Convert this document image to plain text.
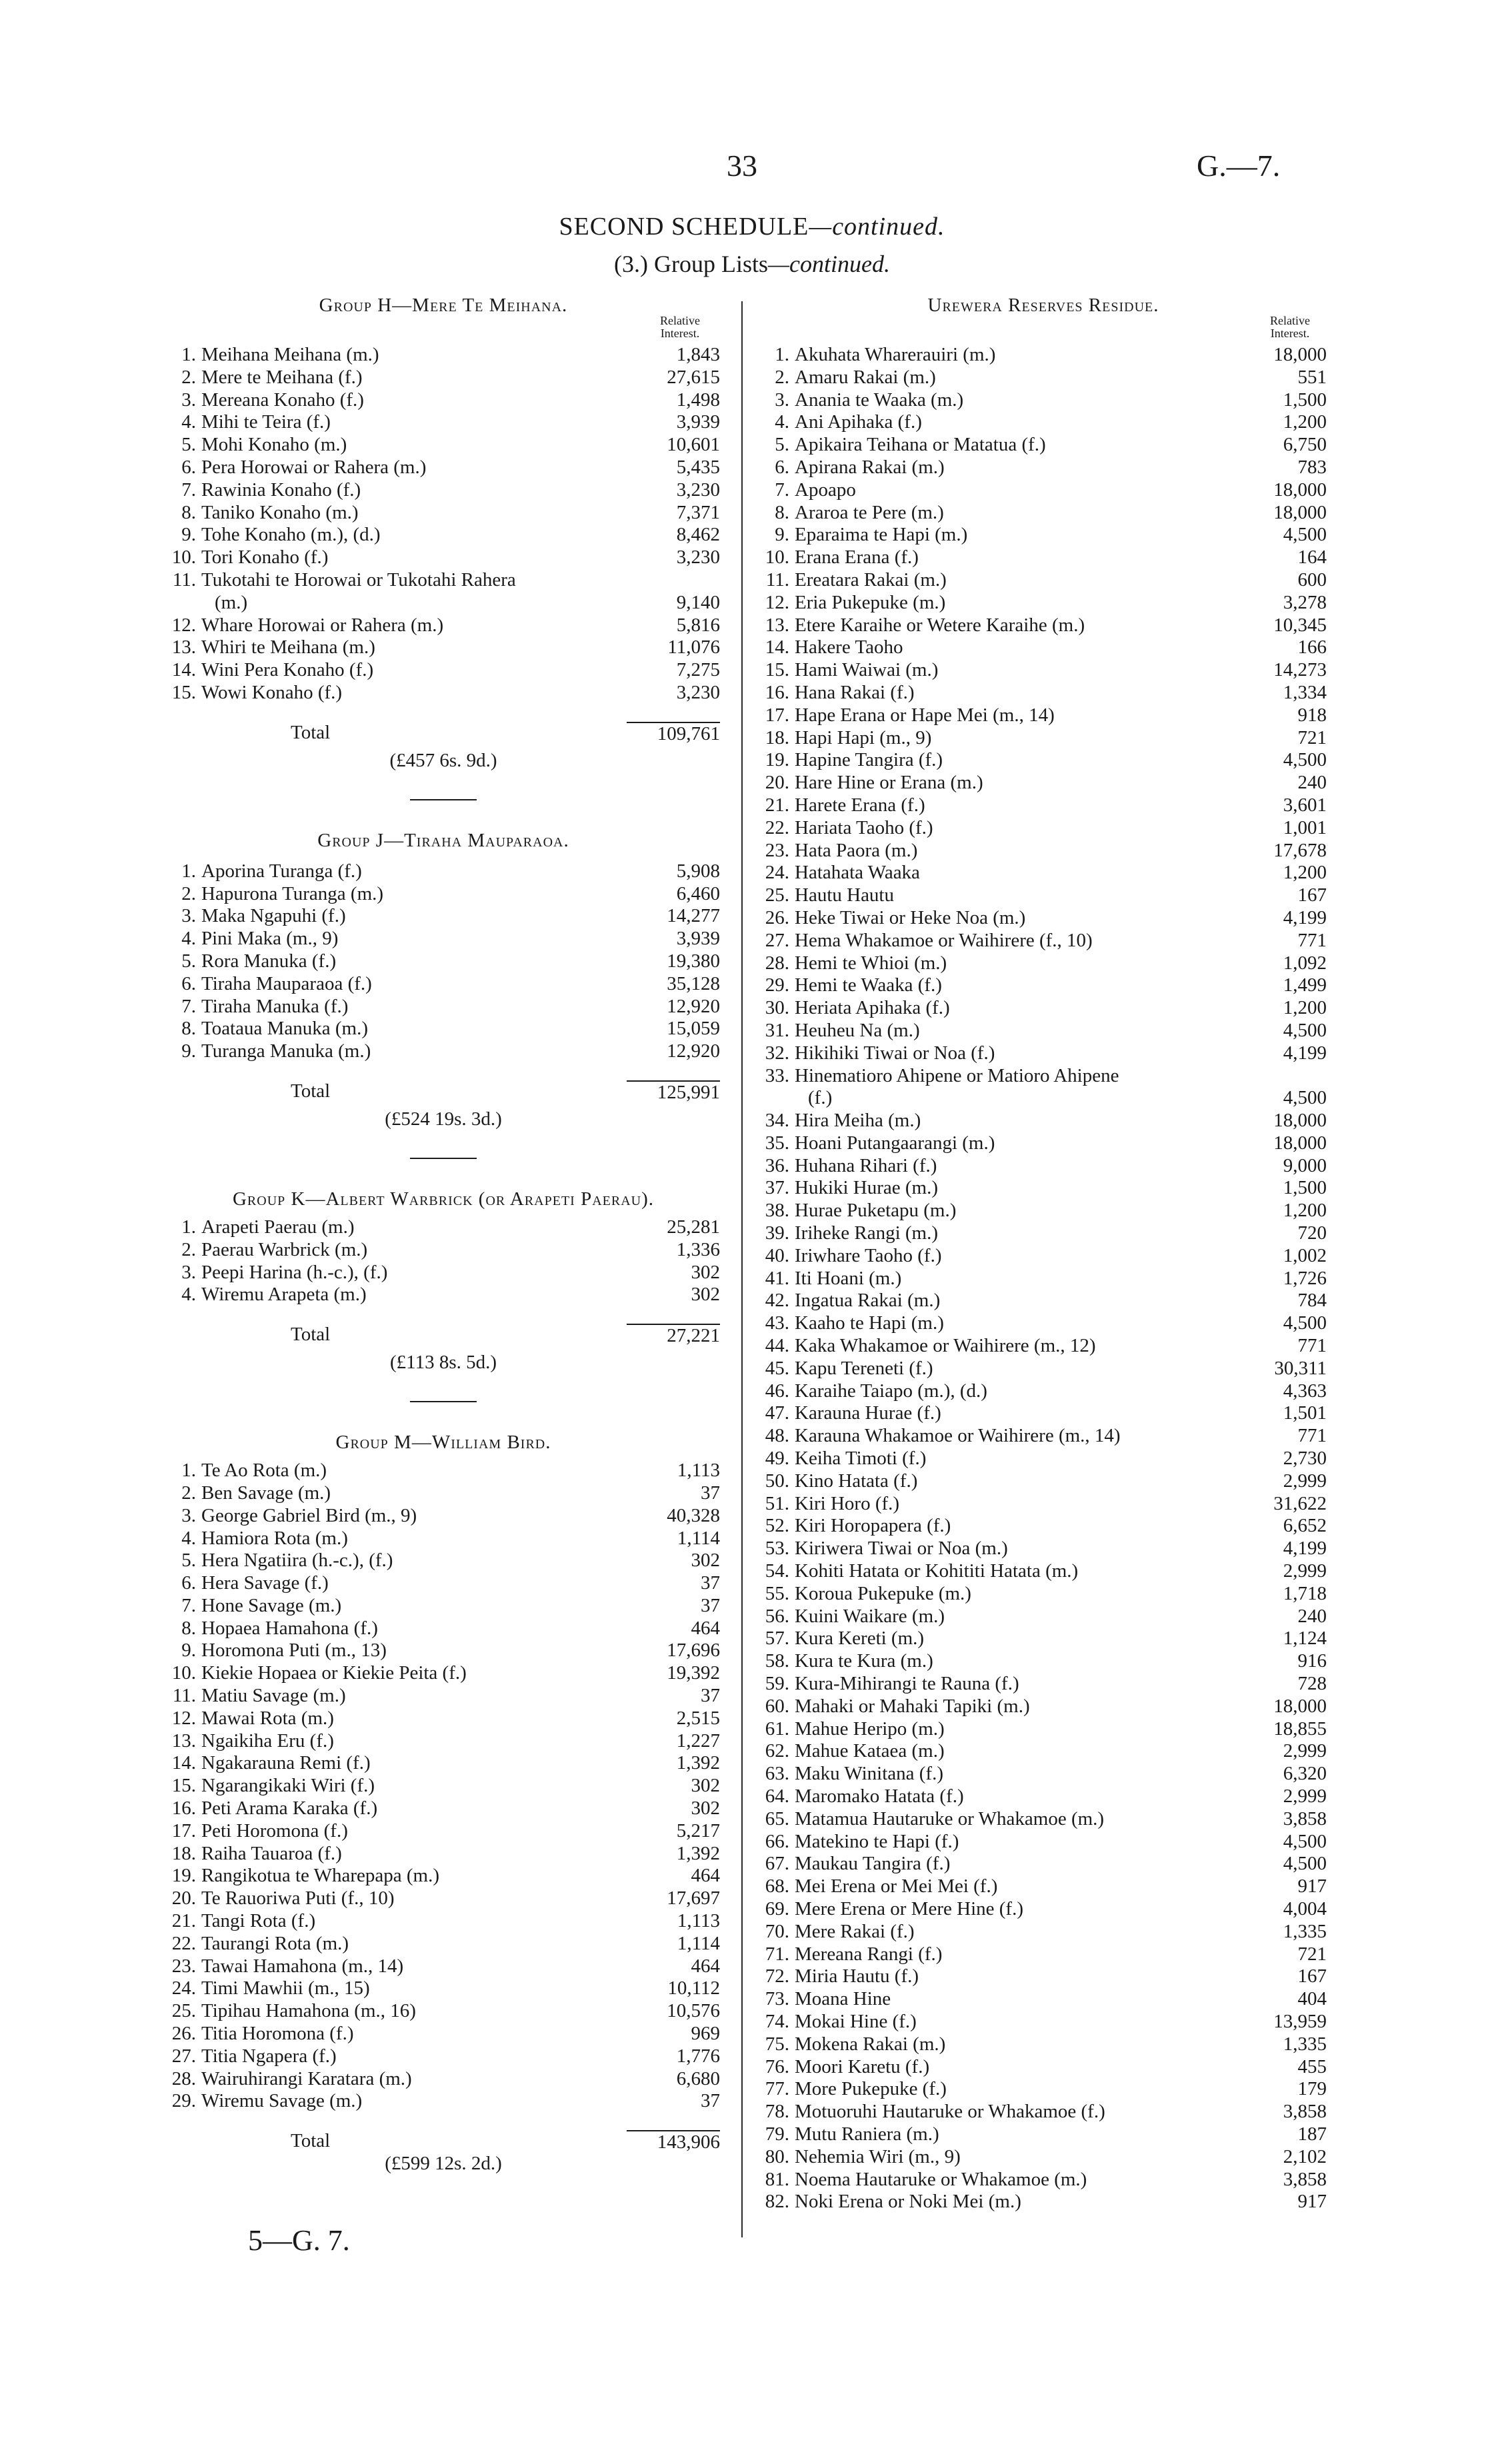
33	G.—7.
SECOND SCHEDULE—continued.
(3.) Group Lists—continued.
Group H—Mere Te Meihana.
Relative Interest.
1. Meihana Meihana (m.)	1,843
2. Mere te Meihana (f.)	27,615
3. Mereana Konaho (f.)	1,498
4. Mihi te Teira (f.)	3,939
5. Mohi Konaho (m.)	10,601
6. Pera Horowai or Rahera (m.)	5,435
7. Rawinia Konaho (f.)	3,230
8. Taniko Konaho (m.)	7,371
9. Tohe Konaho (m.), (d.)	8,462
10. Tori Konaho (f.)	3,230
11. Tukotahi te Horowai or Tukotahi Rahera
(m.)	9,140
12. Whare Horowai or Rahera (m.)	5,816
13. Whiri te Meihana (m.)	11,076
14. Wini Pera Konaho (f.)	7,275
15. Wowi Konaho (f.)	3,230
Total	109,761
(£457 6s. 9d.)
Group J—Tiraha Mauparaoa.
1. Aporina Turanga (f.)	5,908
2. Hapurona Turanga (m.)	6,460
3. Maka Ngapuhi (f.)	14,277
4. Pini Maka (m., 9)	3,939
5. Rora Manuka (f.)	19,380
6. Tiraha Mauparaoa (f.)	35,128
7. Tiraha Manuka (f.)	12,920
8. Toataua Manuka (m.)	15,059
9. Turanga Manuka (m.)	12,920
Total	125,991
(£524 19s. 3d.)
Group K—Albert Warbrick (or Arapeti Paerau).
1. Arapeti Paerau (m.)	25,281
2. Paerau Warbrick (m.)	1,336
3. Peepi Harina (h.-c.), (f.)	302
4. Wiremu Arapeta (m.)	302
Total	27,221
(£113 8s. 5d.)
Group M—William Bird.
1. Te Ao Rota (m.)	1,113
2. Ben Savage (m.)	37
3. George Gabriel Bird (m., 9)	40,328
4. Hamiora Rota (m.)	1,114
5. Hera Ngatiira (h.-c.), (f.)	302
6. Hera Savage (f.)	37
7. Hone Savage (m.)	37
8. Hopaea Hamahona (f.)	464
9. Horomona Puti (m., 13)	17,696
10. Kiekie Hopaea or Kiekie Peita (f.)	19,392
11. Matiu Savage (m.)	37
12. Mawai Rota (m.)	2,515
13. Ngaikiha Eru (f.)	1,227
14. Ngakarauna Remi (f.)	1,392
15. Ngarangikaki Wiri (f.)	302
16. Peti Arama Karaka (f.)	302
17. Peti Horomona (f.)	5,217
18. Raiha Tauaroa (f.)	1,392
19. Rangikotua te Wharepapa (m.)	464
20. Te Rauoriwa Puti (f., 10)	17,697
21. Tangi Rota (f.)	1,113
22. Taurangi Rota (m.)	1,114
23. Tawai Hamahona (m., 14)	464
24. Timi Mawhii (m., 15)	10,112
25. Tipihau Hamahona (m., 16)	10,576
26. Titia Horomona (f.)	969
27. Titia Ngapera (f.)	1,776
28. Wairuhirangi Karatara (m.)	6,680
29. Wiremu Savage (m.)	37
Total	143,906
(£599 12s. 2d.)
Urewera Reserves Residue.
Relative Interest.
1. Akuhata Wharerauiri (m.)	18,000
2. Amaru Rakai (m.)	551
3. Anania te Waaka (m.)	1,500
4. Ani Apihaka (f.)	1,200
5. Apikaira Teihana or Matatua (f.)	6,750
6. Apirana Rakai (m.)	783
7. Apoapo	18,000
8. Araroa te Pere (m.)	18,000
9. Eparaima te Hapi (m.)	4,500
10. Erana Erana (f.)	164
11. Ereatara Rakai (m.)	600
12. Eria Pukepuke (m.)	3,278
13. Etere Karaihe or Wetere Karaihe (m.)	10,345
14. Hakere Taoho	166
15. Hami Waiwai (m.)	14,273
16. Hana Rakai (f.)	1,334
17. Hape Erana or Hape Mei (m., 14)	918
18. Hapi Hapi (m., 9)	721
19. Hapine Tangira (f.)	4,500
20. Hare Hine or Erana (m.)	240
21. Harete Erana (f.)	3,601
22. Hariata Taoho (f.)	1,001
23. Hata Paora (m.)	17,678
24. Hatahata Waaka	1,200
25. Hautu Hautu	167
26. Heke Tiwai or Heke Noa (m.)	4,199
27. Hema Whakamoe or Waihirere (f., 10)	771
28. Hemi te Whioi (m.)	1,092
29. Hemi te Waaka (f.)	1,499
30. Heriata Apihaka (f.)	1,200
31. Heuheu Na (m.)	4,500
32. Hikihiki Tiwai or Noa (f.)	4,199
33. Hinematioro Ahipene or Matioro Ahipene
(f.)	4,500
34. Hira Meiha (m.)	18,000
35. Hoani Putangaarangi (m.)	18,000
36. Huhana Rihari (f.)	9,000
37. Hukiki Hurae (m.)	1,500
38. Hurae Puketapu (m.)	1,200
39. Iriheke Rangi (m.)	720
40. Iriwhare Taoho (f.)	1,002
41. Iti Hoani (m.)	1,726
42. Ingatua Rakai (m.)	784
43. Kaaho te Hapi (m.)	4,500
44. Kaka Whakamoe or Waihirere (m., 12)	771
45. Kapu Tereneti (f.)	30,311
46. Karaihe Taiapo (m.), (d.)	4,363
47. Karauna Hurae (f.)	1,501
48. Karauna Whakamoe or Waihirere (m., 14)	771
49. Keiha Timoti (f.)	2,730
50. Kino Hatata (f.)	2,999
51. Kiri Horo (f.)	31,622
52. Kiri Horopapera (f.)	6,652
53. Kiriwera Tiwai or Noa (m.)	4,199
54. Kohiti Hatata or Kohititi Hatata (m.)	2,999
55. Koroua Pukepuke (m.)	1,718
56. Kuini Waikare (m.)	240
57. Kura Kereti (m.)	1,124
58. Kura te Kura (m.)	916
59. Kura-Mihirangi te Rauna (f.)	728
60. Mahaki or Mahaki Tapiki (m.)	18,000
61. Mahue Heripo (m.)	18,855
62. Mahue Kataea (m.)	2,999
63. Maku Winitana (f.)	6,320
64. Maromako Hatata (f.)	2,999
65. Matamua Hautaruke or Whakamoe (m.)	3,858
66. Matekino te Hapi (f.)	4,500
67. Maukau Tangira (f.)	4,500
68. Mei Erena or Mei Mei (f.)	917
69. Mere Erena or Mere Hine (f.)	4,004
70. Mere Rakai (f.)	1,335
71. Mereana Rangi (f.)	721
72. Miria Hautu (f.)	167
73. Moana Hine	404
74. Mokai Hine (f.)	13,959
75. Mokena Rakai (m.)	1,335
76. Moori Karetu (f.)	455
77. More Pukepuke (f.)	179
78. Motuoruhi Hautaruke or Whakamoe (f.)	3,858
79. Mutu Raniera (m.)	187
80. Nehemia Wiri (m., 9)	2,102
81. Noema Hautaruke or Whakamoe (m.)	3,858
82. Noki Erena or Noki Mei (m.)	917
5—G. 7.
